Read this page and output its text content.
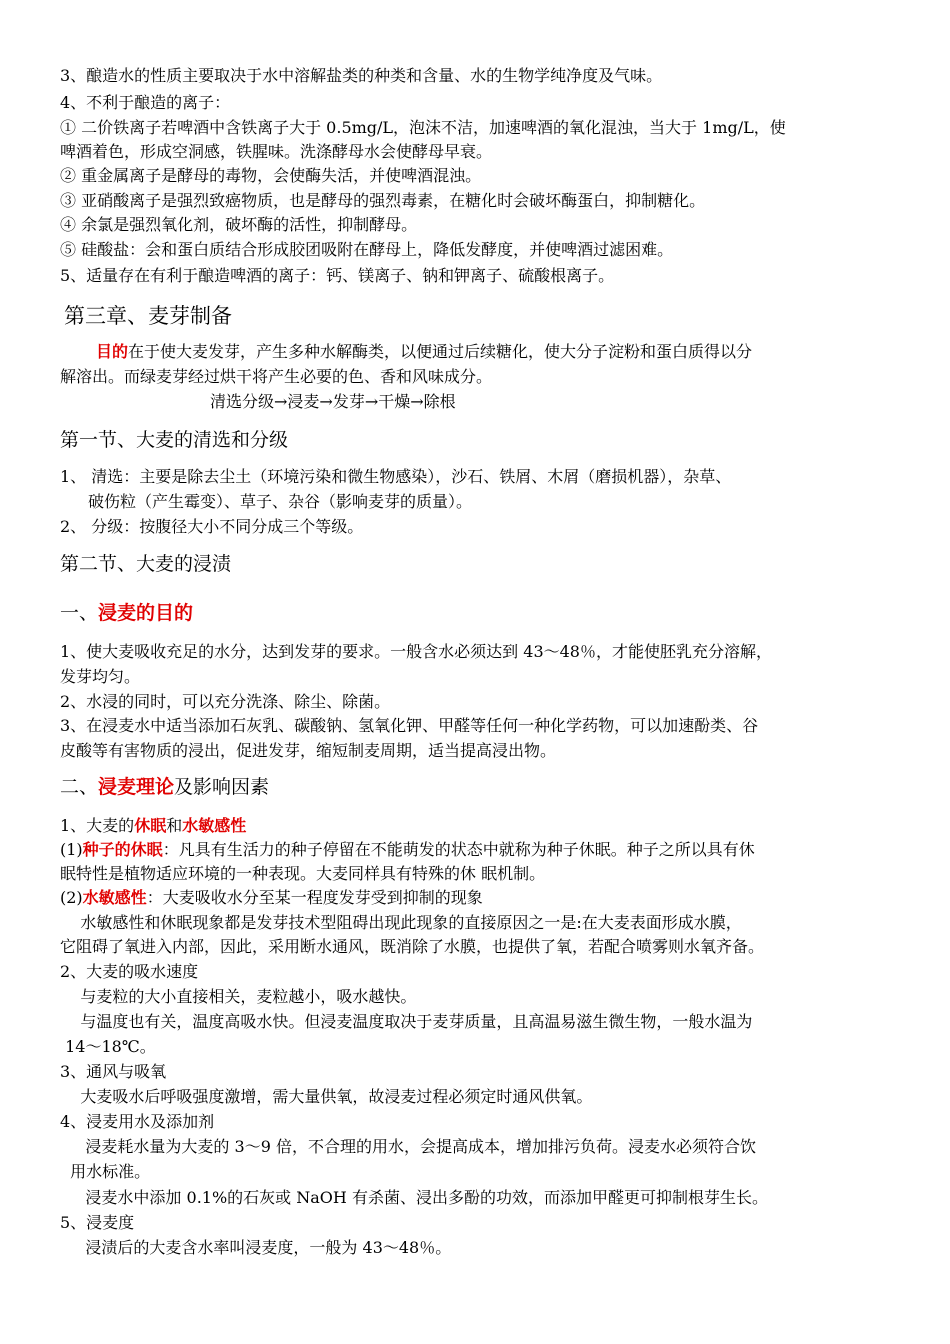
3、酿造水的性质主要取决于水中溶解盐类的种类和含量、水的生物学纯净度及气味。
4、不利于酿造的离子：
① 二价铁离子若啤酒中含铁离子大于 0.5mg/L，泡沫不洁，加速啤酒的氧化混浊，当大于 1mg/L，使
啤酒着色，形成空洞感，铁腥味。洗涤酵母水会使酵母早衰。
② 重金属离子是酵母的毒物，会使酶失活，并使啤酒混浊。
③ 亚硝酸离子是强烈致癌物质，也是酵母的强烈毒素，在糖化时会破坏酶蛋白，抑制糖化。
④ 余氯是强烈氧化剂，破坏酶的活性，抑制酵母。
⑤ 硅酸盐：会和蛋白质结合形成胶团吸附在酵母上，降低发酵度，并使啤酒过滤困难。
5、适量存在有利于酿造啤酒的离子：钙、镁离子、钠和钾离子、硫酸根离子。
第三章、麦芽制备
目的在于使大麦发芽，产生多种水解酶类，以便通过后续糖化，使大分子淀粉和蛋白质得以分
解溶出。而绿麦芽经过烘干将产生必要的色、香和风味成分。
清选分级→浸麦→发芽→干燥→除根
第一节、大麦的清选和分级
1、 清选：主要是除去尘土（环境污染和微生物感染），沙石、铁屑、木屑（磨损机器），杂草、
破伤粒（产生霉变）、草子、杂谷（影响麦芽的质量）。
2、 分级：按腹径大小不同分成三个等级。
第二节、大麦的浸渍
一、浸麦的目的
1、使大麦吸收充足的水分，达到发芽的要求。一般含水必须达到 43～48％，才能使胚乳充分溶解，
发芽均匀。
2、水浸的同时，可以充分洗涤、除尘、除菌。
3、在浸麦水中适当添加石灰乳、碳酸钠、氢氧化钾、甲醛等任何一种化学药物，可以加速酚类、谷
皮酸等有害物质的浸出，促进发芽，缩短制麦周期，适当提高浸出物。
二、浸麦理论及影响因素
1、大麦的休眠和水敏感性
(1)种子的休眠：凡具有生活力的种子停留在不能萌发的状态中就称为种子休眠。种子之所以具有休
眠特性是植物适应环境的一种表现。大麦同样具有特殊的休 眠机制。
(2)水敏感性：大麦吸收水分至某一程度发芽受到抑制的现象
水敏感性和休眠现象都是发芽技术型阻碍出现此现象的直接原因之一是:在大麦表面形成水膜，
它阻碍了氧进入内部，因此，采用断水通风，既消除了水膜，也提供了氧，若配合喷雾则水氧齐备。
2、大麦的吸水速度
与麦粒的大小直接相关，麦粒越小，吸水越快。
与温度也有关，温度高吸水快。但浸麦温度取决于麦芽质量，且高温易滋生微生物，一般水温为
14～18℃。
3、通风与吸氧
大麦吸水后呼吸强度激增，需大量供氧，故浸麦过程必须定时通风供氧。
4、浸麦用水及添加剂
浸麦耗水量为大麦的 3～9 倍，不合理的用水，会提高成本，增加排污负荷。浸麦水必须符合饮
用水标准。
浸麦水中添加 0.1%的石灰或 NaOH 有杀菌、浸出多酚的功效，而添加甲醛更可抑制根芽生长。
5、浸麦度
浸渍后的大麦含水率叫浸麦度，一般为 43～48％。
